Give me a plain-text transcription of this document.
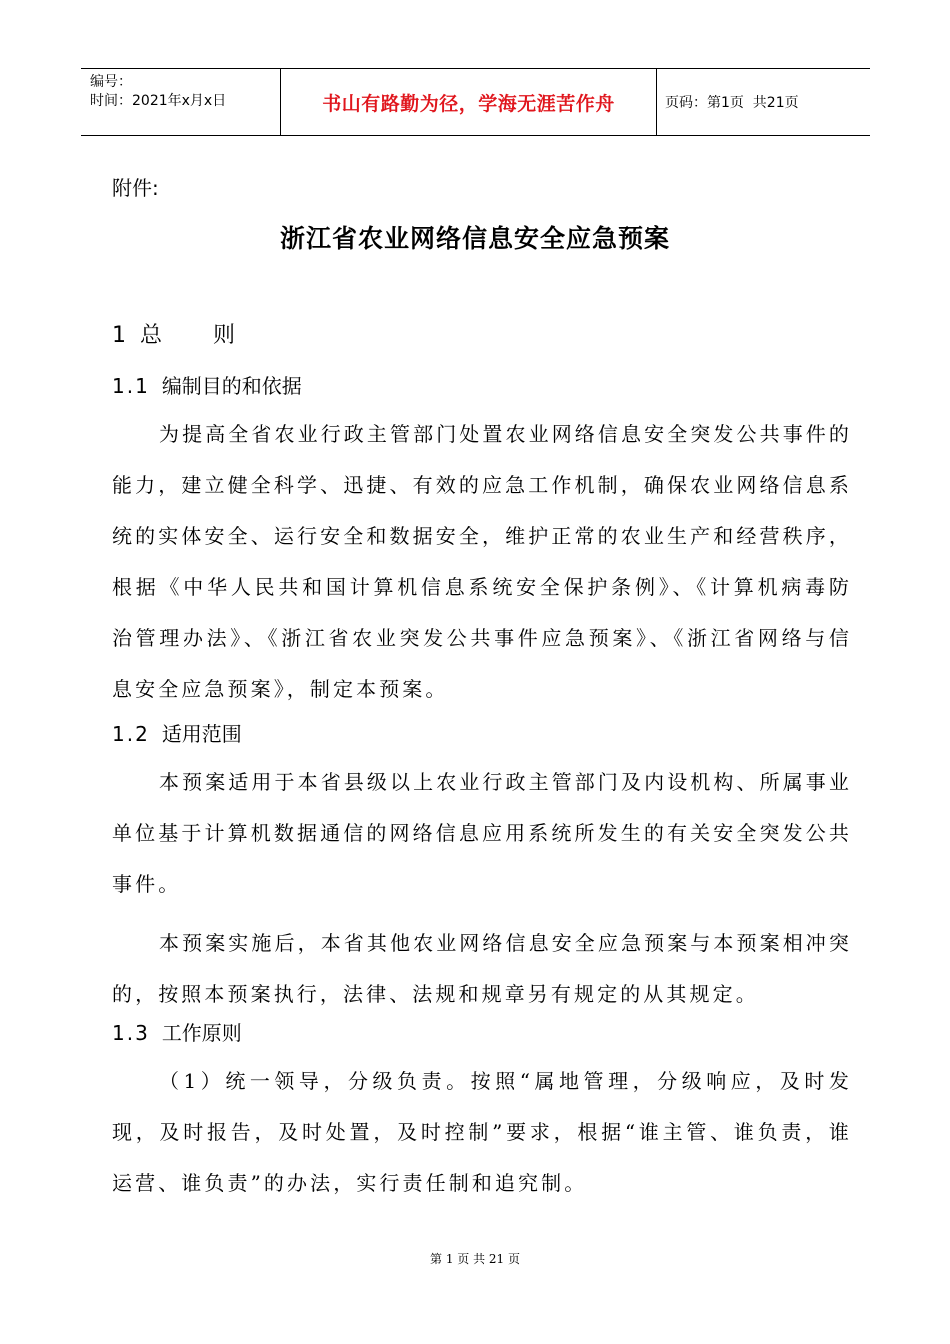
编号：
时间：2021年x月x日	书山有路勤为径，学海无涯苦作舟	页码：第1页  共21页
附件:
浙江省农业网络信息安全应急预案
1 总 则
1.1 编制目的和依据

为提高全省农业行政主管部门处置农业网络信息安全突发公共事件的能力，建立健全科学、迅捷、有效的应急工作机制，确保农业网络信息系统的实体安全、运行安全和数据安全，维护正常的农业生产和经营秩序，根据《中华人民共和国计算机信息系统安全保护条例》、《计算机病毒防治管理办法》、《浙江省农业突发公共事件应急预案》、《浙江省网络与信息安全应急预案》，制定本预案。

1.2 适用范围

本预案适用于本省县级以上农业行政主管部门及内设机构、所属事业单位基于计算机数据通信的网络信息应用系统所发生的有关安全突发公共事件。

本预案实施后，本省其他农业网络信息安全应急预案与本预案相冲突的，按照本预案执行，法律、法规和规章另有规定的从其规定。

1.3 工作原则

（1）统一领导，分级负责。按照“属地管理，分级响应，及时发现，及时报告，及时处置，及时控制”要求，根据“谁主管、谁负责，谁运营、谁负责”的办法，实行责任制和追究制。

第 1 页 共 21 页
